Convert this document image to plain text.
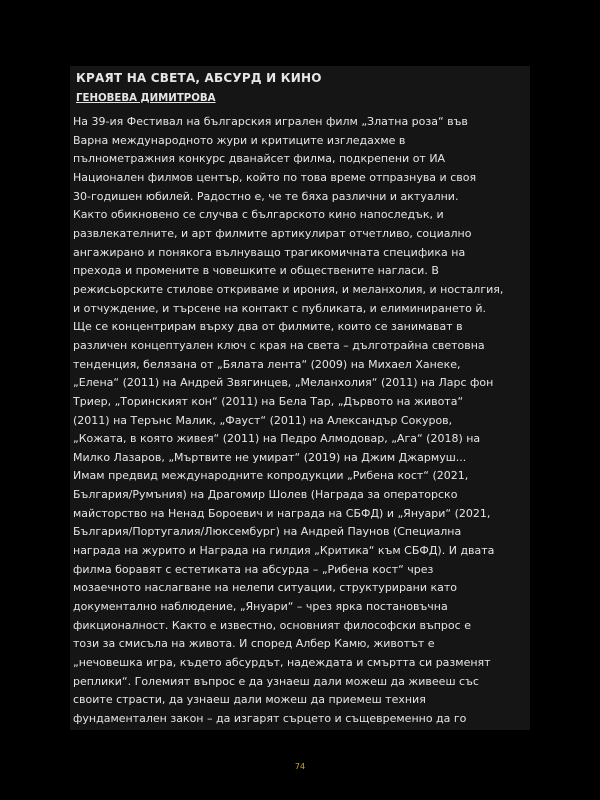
КРАЯТ НА СВЕТА, АБСУРД И КИНО

ГЕНОВЕВА ДИМИТРОВА

На 39-ия Фестивал на българския игрален филм „Златна роза“ във
Варна международното жури и критиците изгледахме в
пълнометражния конкурс дванайсет филма, подкрепени от ИА
Национален филмов център, който по това време отпразнува и своя
30-годишен юбилей. Радостно е, че те бяха различни и актуални.
Както обикновено се случва с българското кино напоследък, и
развлекателните, и арт филмите артикулират отчетливо, социално
ангажирано и понякога вълнуващо трагикомичната специфика на
прехода и промените в човешките и обществените нагласи. В
режисьорските стилове откриваме и ирония, и меланхолия, и носталгия,
и отчуждение, и търсене на контакт с публиката, и елиминирането й.
Ще се концентрирам върху два от филмите, които се занимават в
различен концептуален ключ с края на света – дълготрайна световна
тенденция, белязана от „Бялата лента“ (2009) на Михаел Ханеке,
„Елена“ (2011) на Андрей Звягинцев, „Меланхолия“ (2011) на Ларс фон
Триер, „Торинският кон“ (2011) на Бела Тар, „Дървото на живота“
(2011) на Терънс Малик, „Фауст“ (2011) на Александър Сокуров,
„Кожата, в която живея“ (2011) на Педро Алмодовар, „Ага“ (2018) на
Милко Лазаров, „Мъртвите не умират“ (2019) на Джим Джармуш...
Имам предвид международните копродукции „Рибена кост“ (2021,
България/Румъния) на Драгомир Шолев (Награда за операторско
майсторство на Ненад Бороевич и награда на СБФД) и „Януари“ (2021,
България/Португалия/Люксембург) на Андрей Паунов (Специална
награда на журито и Награда на гилдия „Критика“ към СБФД). И двата
филма боравят с естетиката на абсурда – „Рибена кост“ чрез
мозаечното наслагване на нелепи ситуации, структурирани като
документално наблюдение, „Януари“ – чрез ярка постановъчна
фикционалност. Както е известно, основният философски въпрос е
този за смисъла на живота. И според Албер Камю, животът е
„нечовешка игра, където абсурдът, надеждата и смъртта си разменят
реплики“. Големият въпрос е да узнаеш дали можеш да живееш със
своите страсти, да узнаеш дали можеш да приемеш техния
фундаментален закон – да изгарят сърцето и същевременно да го

74
